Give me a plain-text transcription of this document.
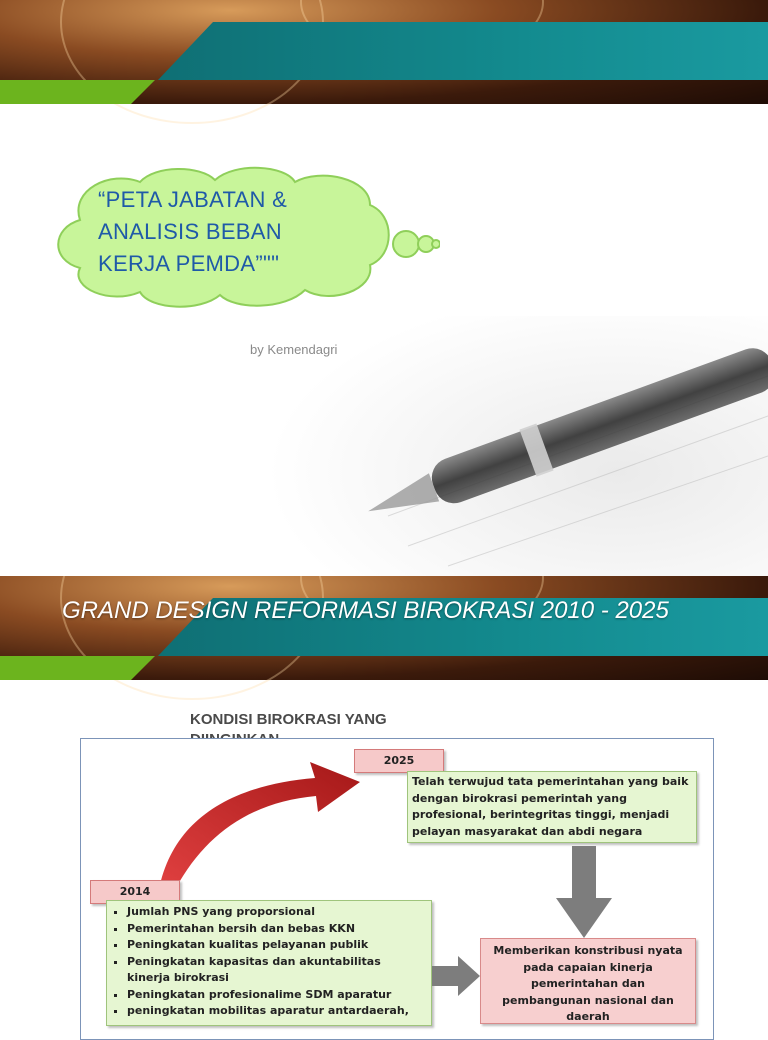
“PETA JABATAN & ANALISIS BEBAN KERJA PEMDA”""
by Kemendagri
GRAND DESIGN REFORMASI BIROKRASI 2010 - 2025
KONDISI BIROKRASI YANG
2025
Telah terwujud tata pemerintahan yang baik dengan birokrasi pemerintah yang profesional, berintegritas tinggi, menjadi pelayan masyarakat dan abdi negara
2014
▪ Jumlah PNS yang proporsional
▪ Pemerintahan bersih dan bebas KKN
▪ Peningkatan kualitas pelayanan publik
▪ Peningkatan kapasitas dan akuntabilitas kinerja birokrasi
▪ Peningkatan profesionalime SDM aparatur
▪ peningkatan mobilitas aparatur antardaerah,
Memberikan konstribusi nyata pada capaian kinerja pemerintahan dan pembangunan nasional dan daerah
